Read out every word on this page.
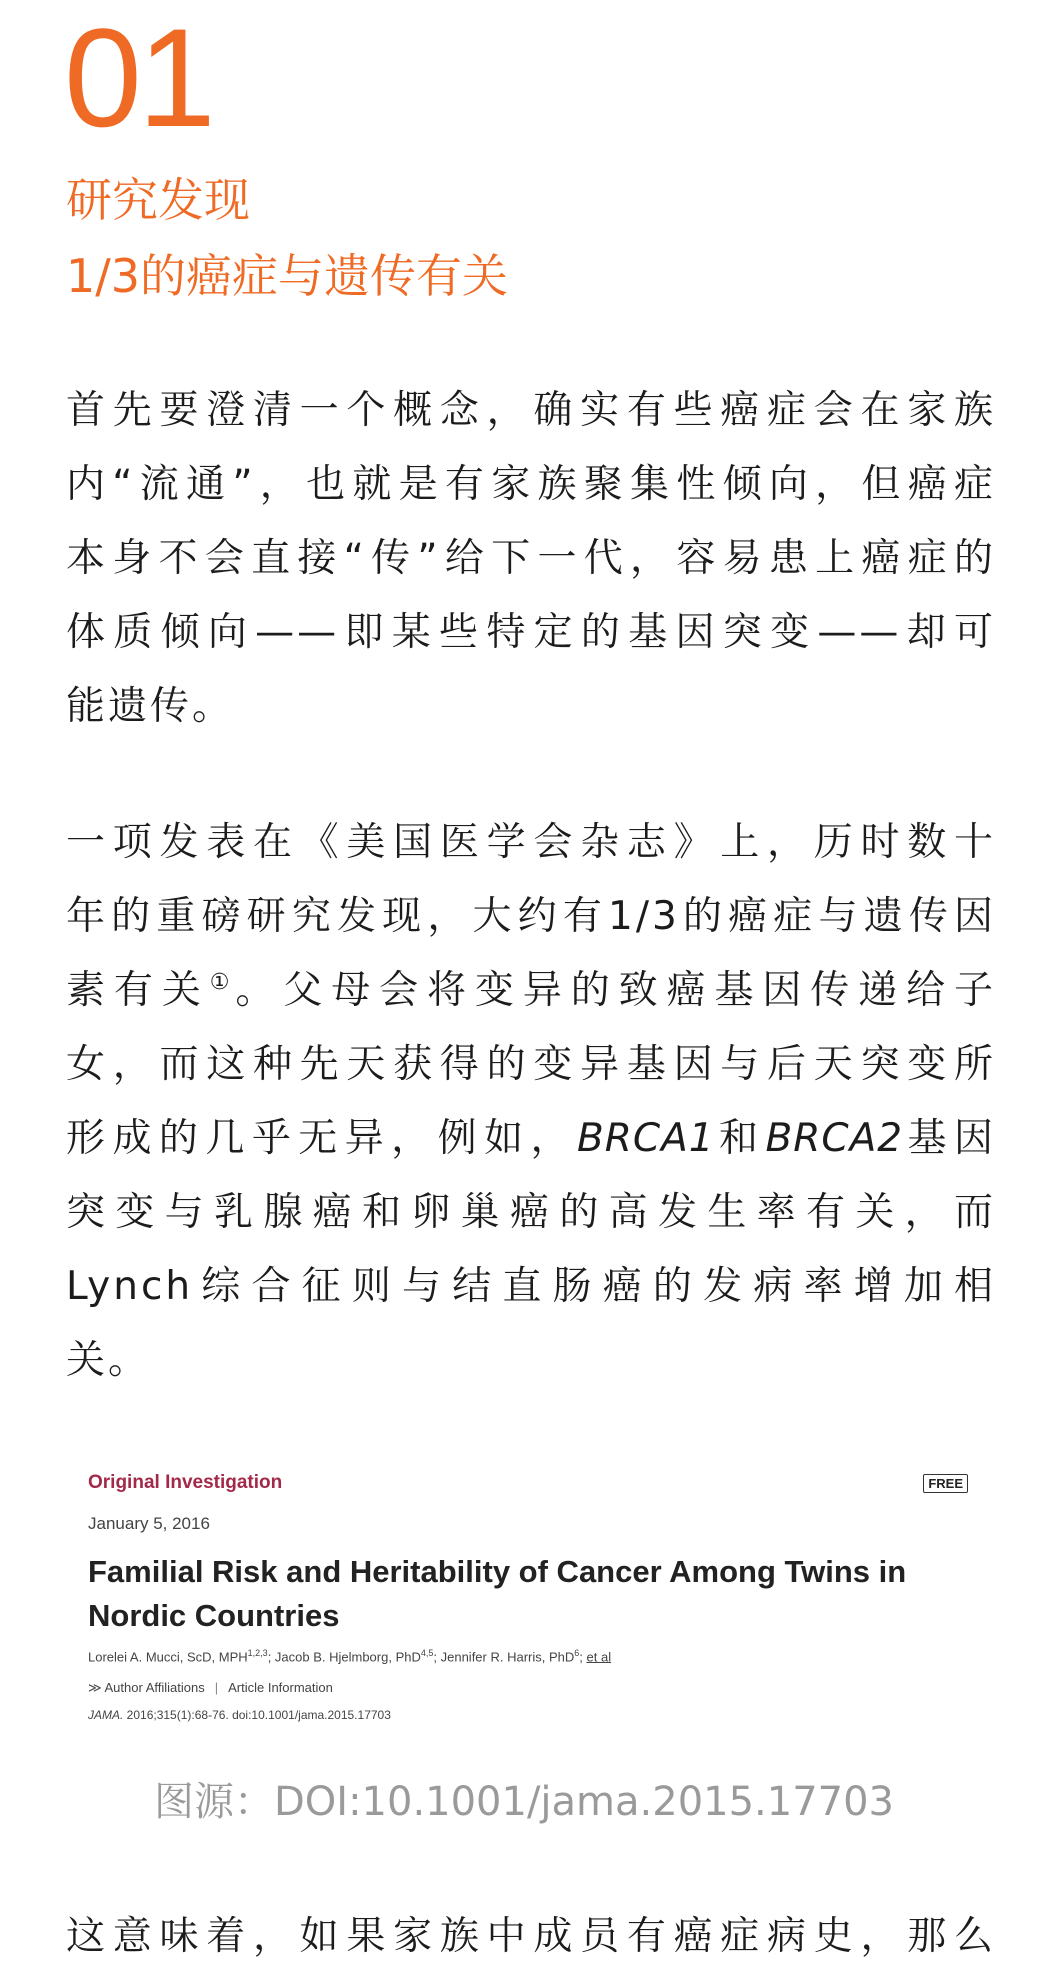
01
研究发现
1/3的癌症与遗传有关
首先要澄清一个概念，确实有些癌症会在家族
内“流通”，也就是有家族聚集性倾向，但癌症
本身不会直接“传”给下一代，容易患上癌症的
体质倾向——即某些特定的基因突变——却可
能遗传。
一项发表在《美国医学会杂志》上，历时数十
年的重磅研究发现，大约有1/3的癌症与遗传因
素有关①。父母会将变异的致癌基因传递给子
女，而这种先天获得的变异基因与后天突变所
形成的几乎无异，例如，BRCA1和BRCA2基因
突变与乳腺癌和卵巢癌的高发生率有关，而
Lynch综合征则与结直肠癌的发病率增加相
关。
Original Investigation	FREE
January 5, 2016
Familial Risk and Heritability of Cancer Among Twins in Nordic Countries
Lorelei A. Mucci, ScD, MPH$^{1,2,3}$; Jacob B. Hjelmborg, PhD$^{4,5}$; Jennifer R. Harris, PhD$^6$; et al
≫ Author Affiliations | Article Information
JAMA. 2016;315(1):68-76. doi:10.1001/jama.2015.17703
图源：DOI:10.1001/jama.2015.17703
这意味着，如果家族中成员有癌症病史，那么
